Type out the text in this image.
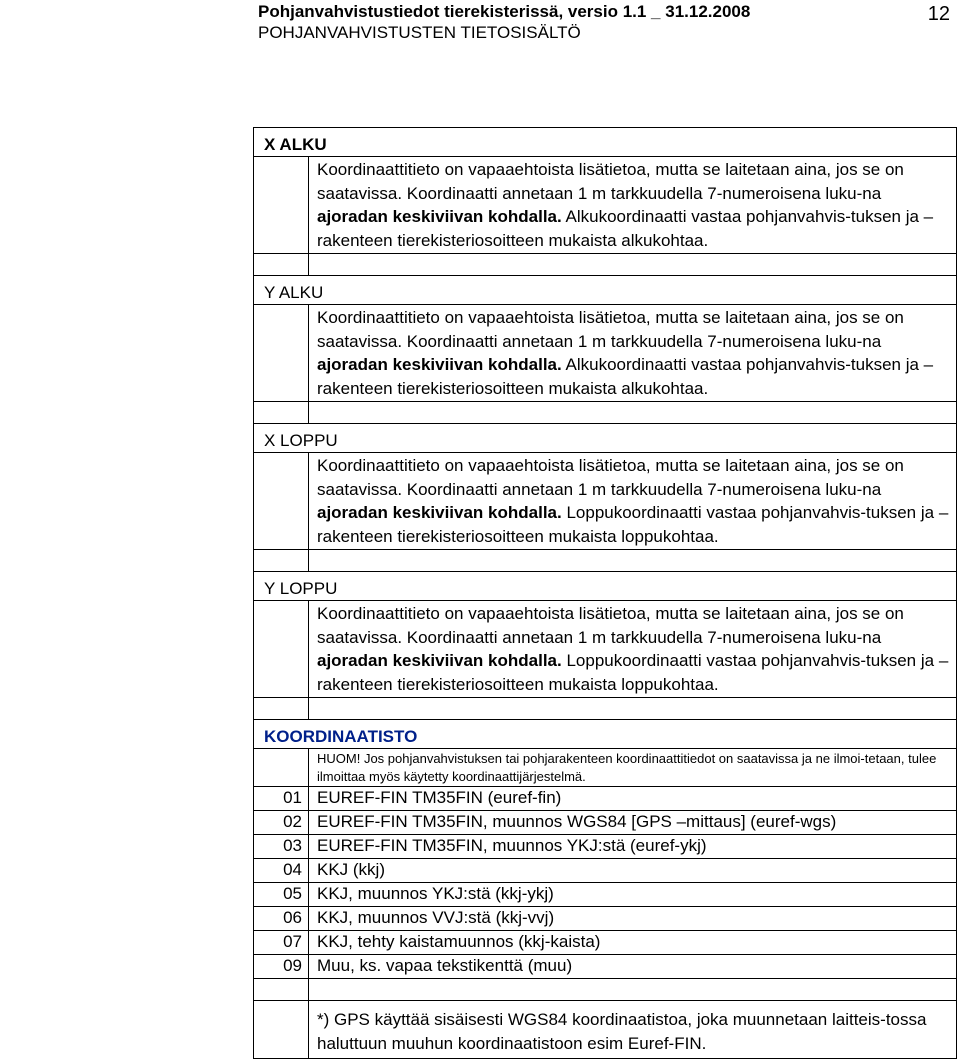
Pohjanvahvistustiedot tierekisterissä, versio 1.1 _ 31.12.2008
POHJANVAHVISTUSTEN TIETOSISÄLTÖ
12
X ALKU	
	Koordinaattitieto on vapaaehtoista lisätietoa, mutta se laitetaan aina, jos se on saatavissa. Koordinaatti annetaan 1 m tarkkuudella 7-numeroisena luku-na ajoradan keskiviivan kohdalla. Alkukoordinaatti vastaa pohjanvahvis-tuksen ja –rakenteen tierekisteriosoitteen mukaista alkukohtaa.

Y ALKU	
	Koordinaattitieto on vapaaehtoista lisätietoa, mutta se laitetaan aina, jos se on saatavissa. Koordinaatti annetaan 1 m tarkkuudella 7-numeroisena luku-na ajoradan keskiviivan kohdalla. Alkukoordinaatti vastaa pohjanvahvis-tuksen ja –rakenteen tierekisteriosoitteen mukaista alkukohtaa.

X LOPPU	
	Koordinaattitieto on vapaaehtoista lisätietoa, mutta se laitetaan aina, jos se on saatavissa. Koordinaatti annetaan 1 m tarkkuudella 7-numeroisena luku-na ajoradan keskiviivan kohdalla. Loppukoordinaatti vastaa pohjanvahvis-tuksen ja –rakenteen tierekisteriosoitteen mukaista loppukohtaa.

Y LOPPU	
	Koordinaattitieto on vapaaehtoista lisätietoa, mutta se laitetaan aina, jos se on saatavissa. Koordinaatti annetaan 1 m tarkkuudella 7-numeroisena luku-na ajoradan keskiviivan kohdalla. Loppukoordinaatti vastaa pohjanvahvis-tuksen ja –rakenteen tierekisteriosoitteen mukaista loppukohtaa.

KOORDINAATISTO	
	HUOM! Jos pohjanvahvistuksen tai pohjarakenteen koordinaattitiedot on saatavissa ja ne ilmoi-tetaan, tulee ilmoittaa myös käytetty koordinaattijärjestelmä.
01	EUREF-FIN TM35FIN (euref-fin)
02	EUREF-FIN TM35FIN, muunnos WGS84 [GPS –mittaus] (euref-wgs)
03	EUREF-FIN TM35FIN, muunnos YKJ:stä (euref-ykj)
04	KKJ (kkj)
05	KKJ, muunnos YKJ:stä (kkj-ykj)
06	KKJ, muunnos VVJ:stä (kkj-vvj)
07	KKJ, tehty kaistamuunnos (kkj-kaista)
09	Muu, ks. vapaa tekstikenttä (muu)

	*) GPS käyttää sisäisesti WGS84 koordinaatistoa, joka muunnetaan laitteis-tossa haluttuun muuhun koordinaatistoon esim Euref-FIN.
